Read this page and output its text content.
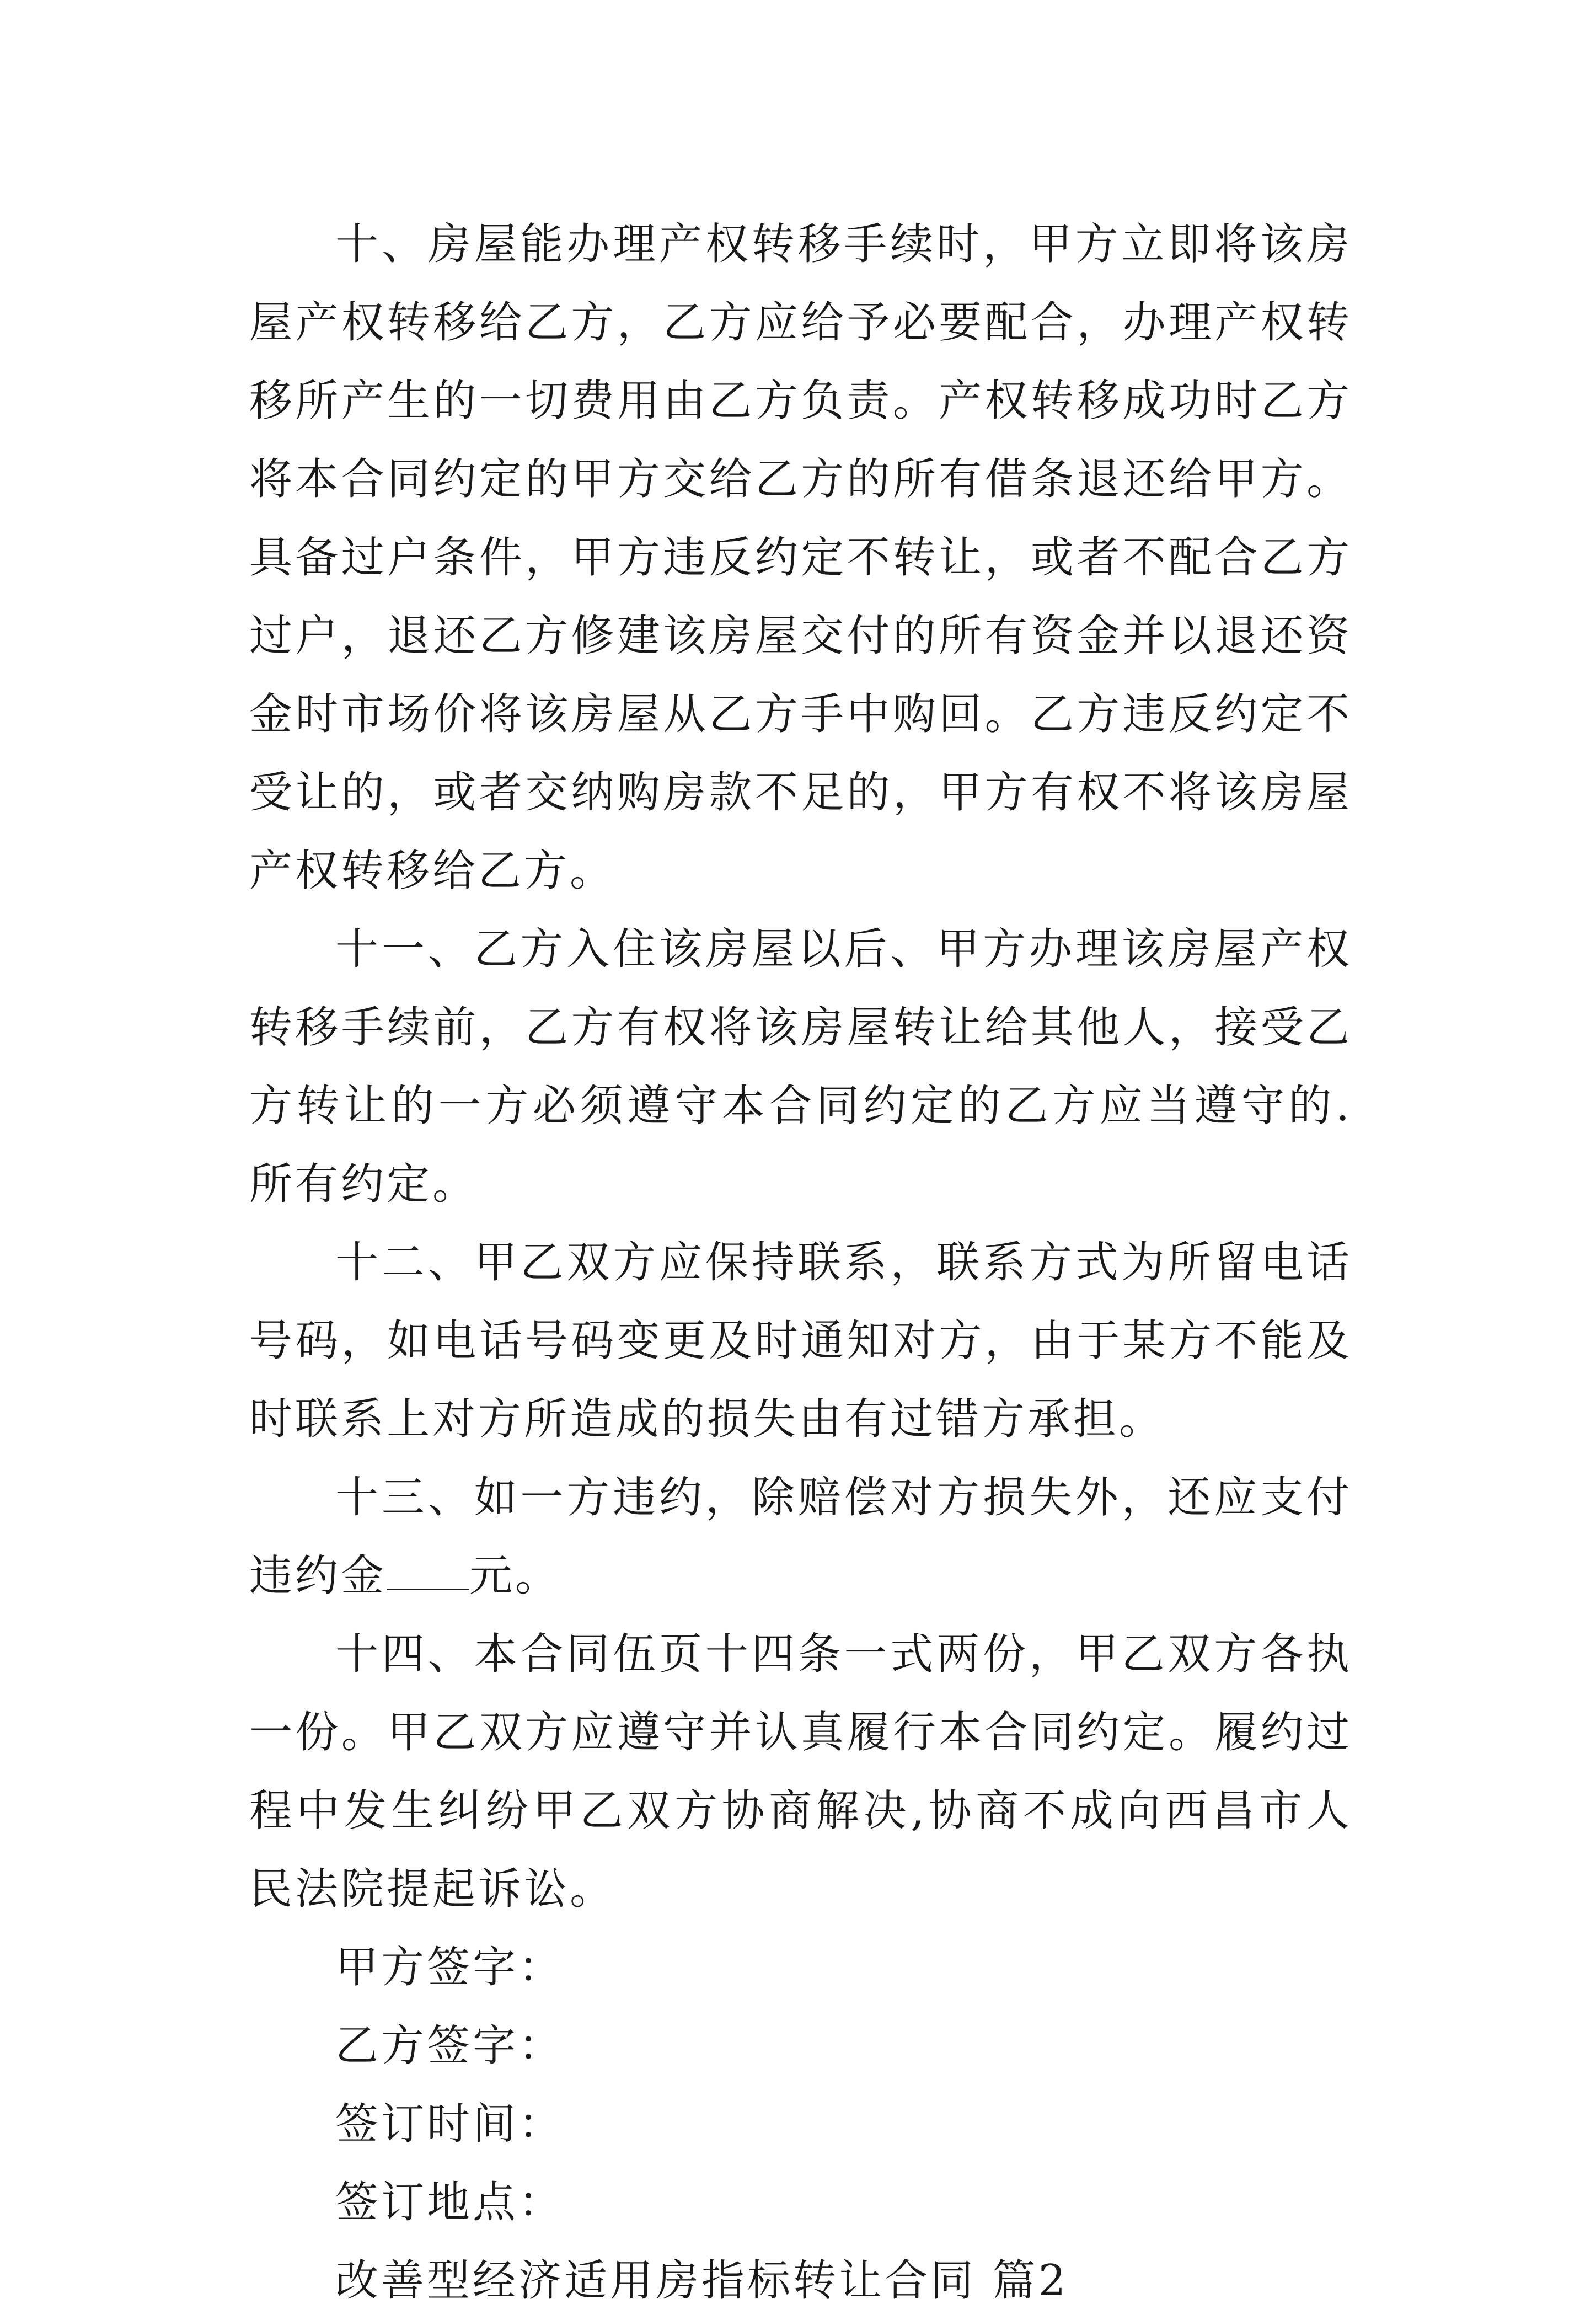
十、房屋能办理产权转移手续时，甲方立即将该房屋产权转移给乙方，乙方应给予必要配合，办理产权转移所产生的一切费用由乙方负责。产权转移成功时乙方将本合同约定的甲方交给乙方的所有借条退还给甲方。具备过户条件，甲方违反约定不转让，或者不配合乙方过户，退还乙方修建该房屋交付的所有资金并以退还资金时市场价将该房屋从乙方手中购回。乙方违反约定不受让的，或者交纳购房款不足的，甲方有权不将该房屋产权转移给乙方。

十一、乙方入住该房屋以后、甲方办理该房屋产权转移手续前，乙方有权将该房屋转让给其他人，接受乙方转让的一方必须遵守本合同约定的乙方应当遵守的.所有约定。

十二、甲乙双方应保持联系，联系方式为所留电话号码，如电话号码变更及时通知对方，由于某方不能及时联系上对方所造成的损失由有过错方承担。

十三、如一方违约，除赔偿对方损失外，还应支付违约金 元。

十四、本合同伍页十四条一式两份，甲乙双方各执一份。甲乙双方应遵守并认真履行本合同约定。履约过程中发生纠纷甲乙双方协商解决,协商不成向西昌市人民法院提起诉讼。

甲方签字：

乙方签字：

签订时间：

签订地点：

改善型经济适用房指标转让合同 篇2
